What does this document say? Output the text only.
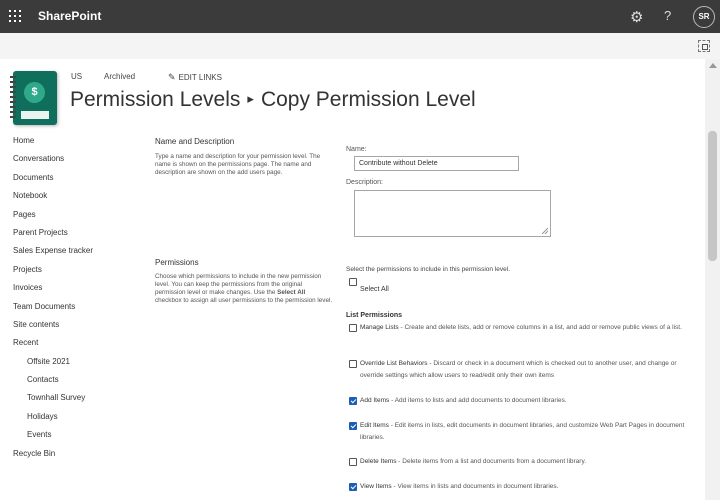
SharePoint	⚙ ?	SR
$
US	Archived	✎ EDIT LINKS
Permission Levels ▸ Copy Permission Level
Home
Conversations
Documents
Notebook
Pages
Parent Projects
Sales Expense tracker
Projects
Invoices
Team Documents
Site contents
Recent
Offsite 2021
Contacts
Townhall Survey
Holidays
Events
Recycle Bin
Name and Description
Type a name and description for your permission level. The name is shown on the permissions page. The name and description are shown on the add users page.
Name:
Contribute without Delete
Description:
Permissions
Choose which permissions to include in the new permission level. You can keep the permissions from the original permission level or make changes. Use the Select All checkbox to assign all user permissions to the permission level.
Select the permissions to include in this permission level.
Select All
List Permissions
Manage Lists - Create and delete lists, add or remove columns in a list, and add or remove public views of a list.
Override List Behaviors - Discard or check in a document which is checked out to another user, and change or override settings which allow users to read/edit only their own items
Add Items - Add items to lists and add documents to document libraries.
Edit Items - Edit items in lists, edit documents in document libraries, and customize Web Part Pages in document libraries.
Delete Items - Delete items from a list and documents from a document library.
View Items - View items in lists and documents in document libraries.
